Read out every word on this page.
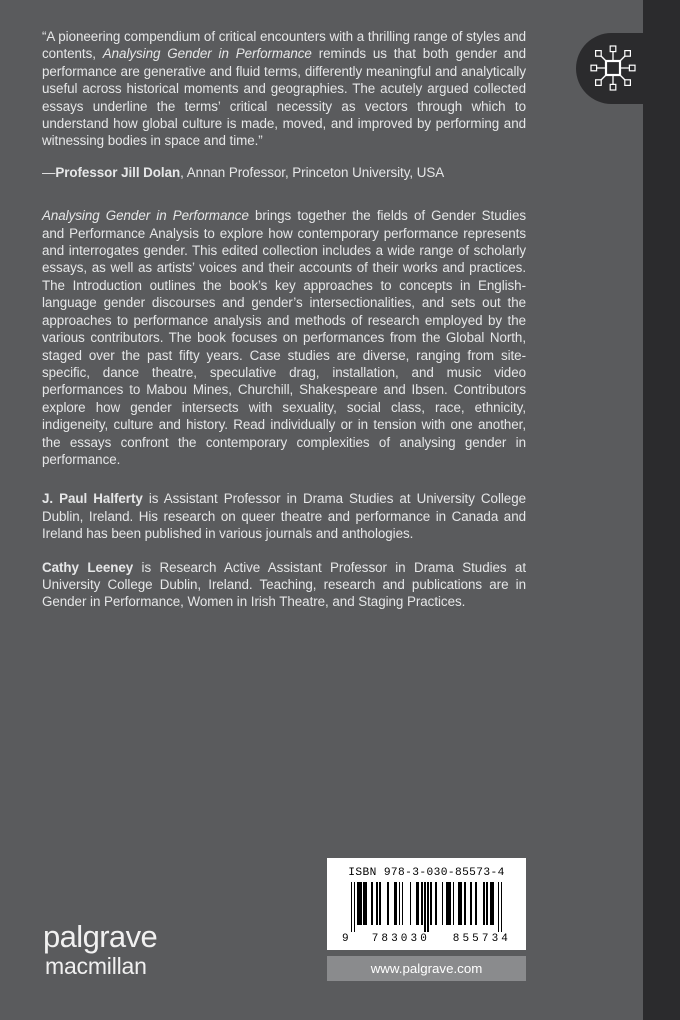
“A pioneering compendium of critical encounters with a thrilling range of styles and contents, Analysing Gender in Performance reminds us that both gender and performance are generative and fluid terms, differently meaningful and analytically useful across historical moments and geographies. The acutely argued collected essays underline the terms’ critical necessity as vectors through which to understand how global culture is made, moved, and improved by performing and witnessing bodies in space and time.”

—Professor Jill Dolan, Annan Professor, Princeton University, USA

Analysing Gender in Performance brings together the fields of Gender Studies and Performance Analysis to explore how contemporary performance represents and interrogates gender. This edited collection includes a wide range of scholarly essays, as well as artists’ voices and their accounts of their works and practices. The Introduction outlines the book’s key approaches to concepts in English-language gender discourses and gender’s intersectionalities, and sets out the approaches to performance analysis and methods of research employed by the various contributors. The book focuses on performances from the Global North, staged over the past fifty years. Case studies are diverse, ranging from site-specific, dance theatre, speculative drag, installation, and music video performances to Mabou Mines, Churchill, Shakespeare and Ibsen. Contributors explore how gender intersects with sexuality, social class, race, ethnicity, indigeneity, culture and history. Read individually or in tension with one another, the essays confront the contemporary complexities of analysing gender in performance.

J. Paul Halferty is Assistant Professor in Drama Studies at University College Dublin, Ireland. His research on queer theatre and performance in Canada and Ireland has been published in various journals and anthologies.

Cathy Leeney is Research Active Assistant Professor in Drama Studies at University College Dublin, Ireland. Teaching, research and publications are in Gender in Performance, Women in Irish Theatre, and Staging Practices.

palgrave
macmillan
ISBN 978-3-030-85573-4
9 783030 855734
www.palgrave.com
